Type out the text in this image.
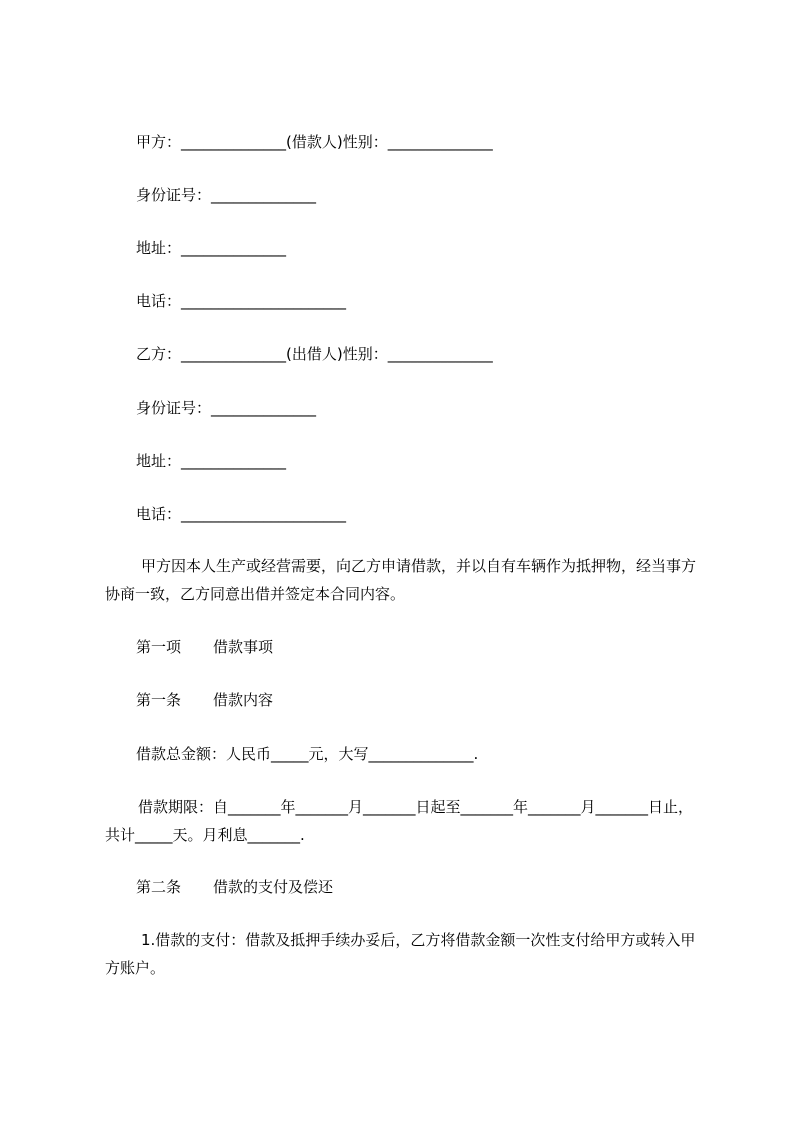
甲方：______________(借款人)性别：______________
身份证号：______________
地址：______________
电话：______________________
乙方：______________(出借人)性别：______________
身份证号：______________
地址：______________
电话：______________________
甲方因本人生产或经营需要，向乙方申请借款，并以自有车辆作为抵押物，经当事方协商一致，乙方同意出借并签定本合同内容。
第一项 借款事项
第一条 借款内容
借款总金额：人民币_____元，大写______________.
借款期限：自_______年_______月_______日起至_______年_______月_______日止，共计_____天。月利息_______.
第二条 借款的支付及偿还
1.借款的支付：借款及抵押手续办妥后，乙方将借款金额一次性支付给甲方或转入甲方账户。
